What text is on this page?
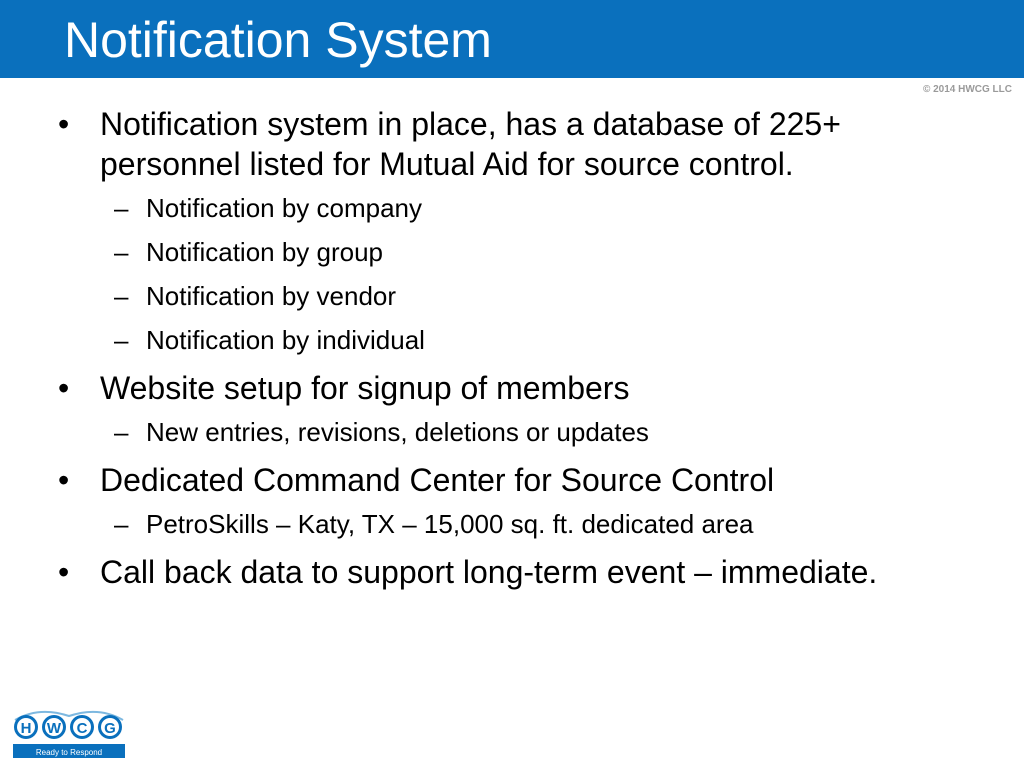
Notification System
© 2014 HWCG LLC
• Notification system in place, has a database of 225+ personnel listed for Mutual Aid for source control.
– Notification by company
– Notification by group
– Notification by vendor
– Notification by individual
• Website setup for signup of members
– New entries, revisions, deletions or updates
• Dedicated Command Center for Source Control
– PetroSkills – Katy, TX – 15,000 sq. ft. dedicated area
• Call back data to support long-term event – immediate.
H W C G
Ready to Respond
